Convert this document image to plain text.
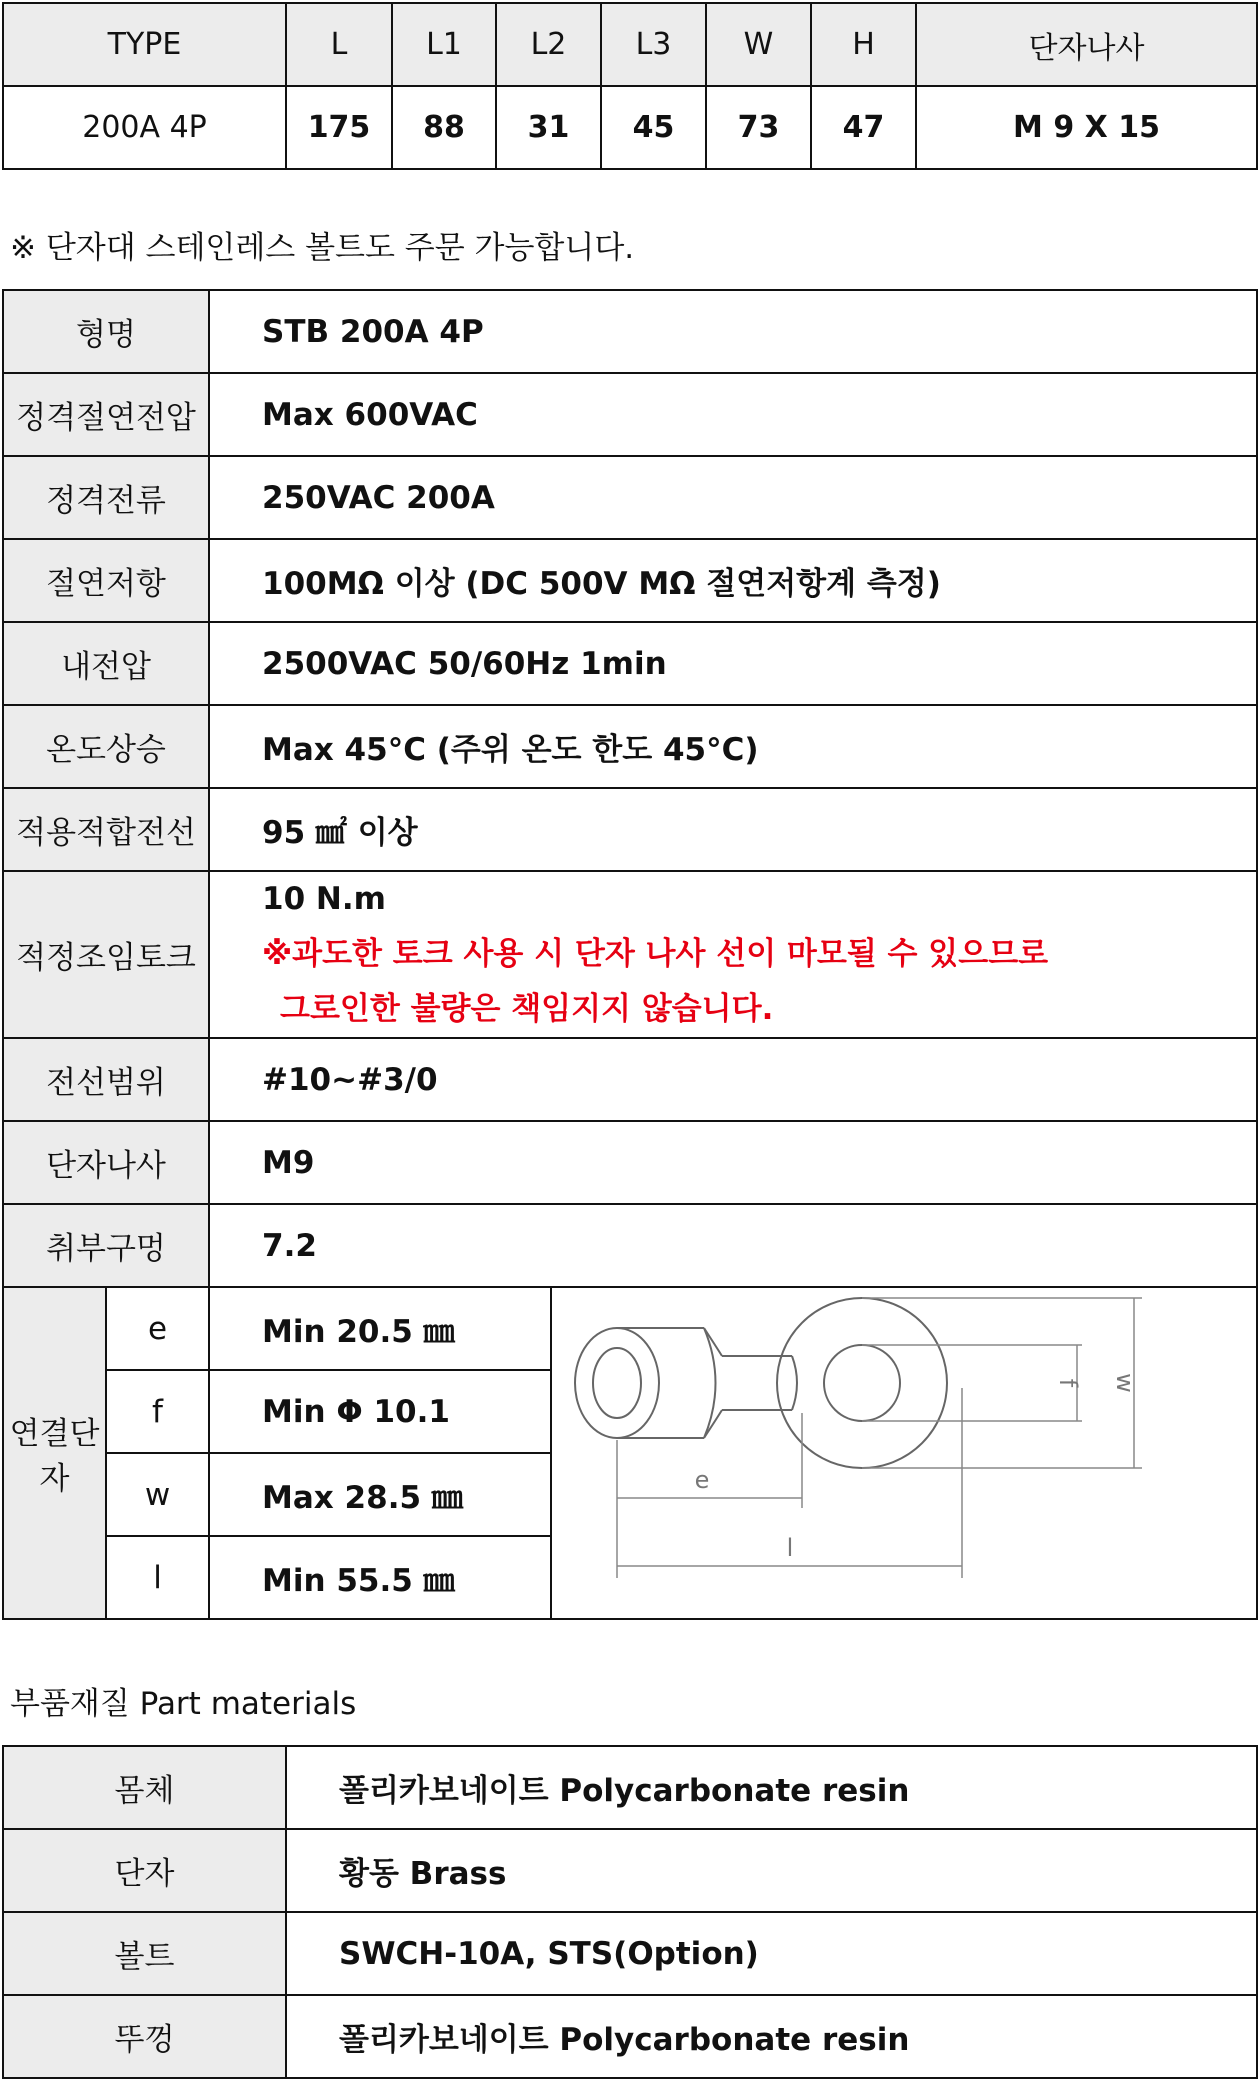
TYPE	L	L1	L2	L3	W	H	단자나사
200A 4P	175	88	31	45	73	47	M 9 X 15
※ 단자대 스테인레스 볼트도 주문 가능합니다.
형명		STB 200A 4P	
정격절연전압		Max 600VAC	
정격전류		250VAC 200A	
절연저항		100MΩ 이상 (DC 500V MΩ 절연저항계 측정)	
내전압		2500VAC 50/60Hz 1min	
온도상승		Max 45°C (주위 온도 한도 45°C)	
적용적합전선		95 ㎟ 이상	
적정조임토크		10 N.m
※과도한 토크 사용 시 단자 나사 선이 마모될 수 있으므로
그로인한 불량은 책임지지 않습니다.	

전선범위		#10~#3/0	
단자나사		M9	
취부구멍		7.2	
연결단자	e	Min 20.5 ㎜	e
l
f w

	f	Min Φ 10.1	
	w	Max 28.5 ㎜	
	l	Min 55.5 ㎜	
부품재질 Part materials
몸체	폴리카보네이트 Polycarbonate resin
단자	황동 Brass
볼트	SWCH-10A, STS(Option)
뚜껑	폴리카보네이트 Polycarbonate resin
